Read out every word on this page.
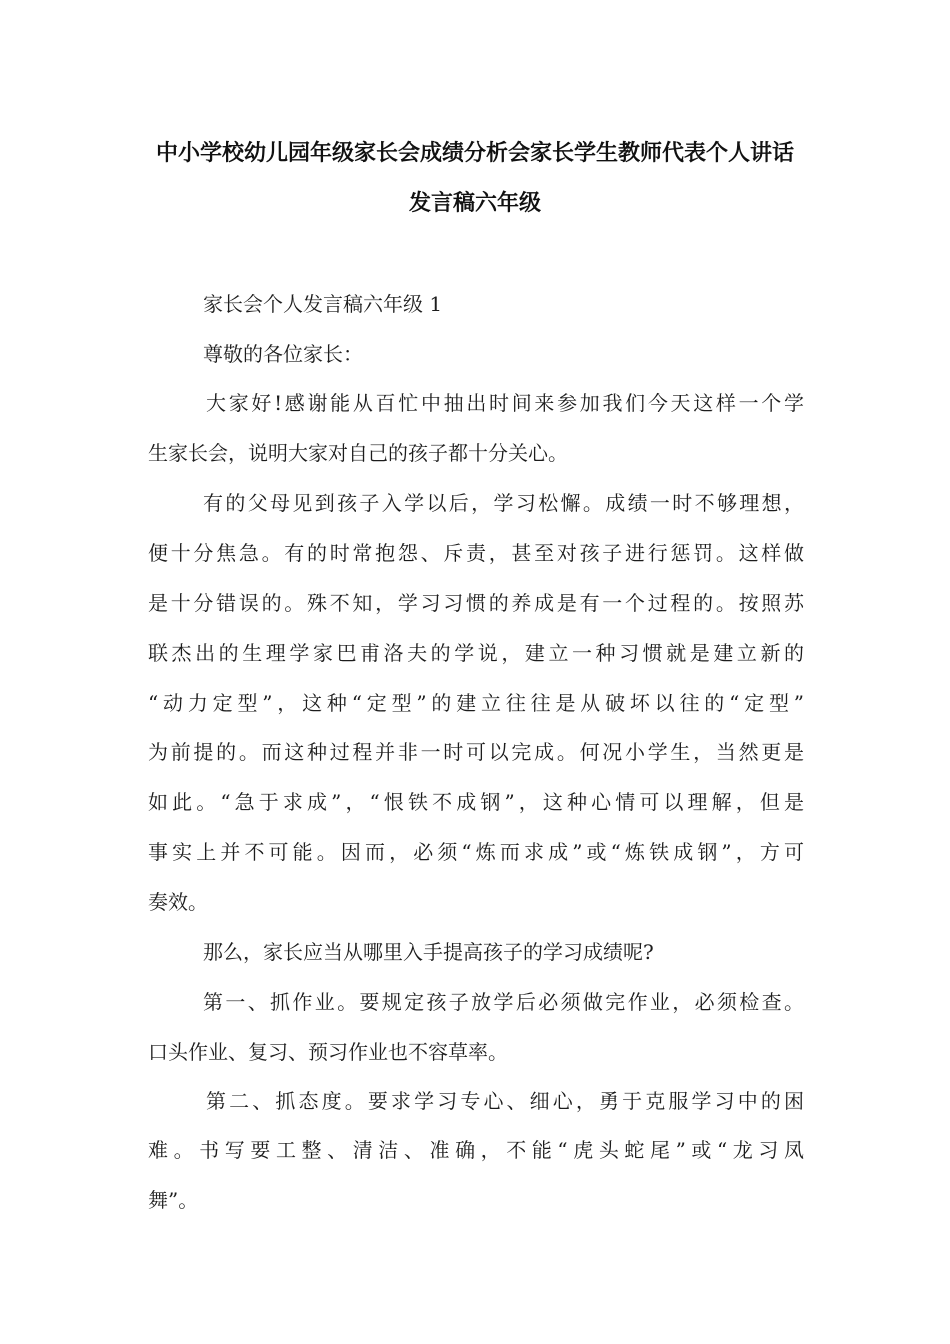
中小学校幼儿园年级家长会成绩分析会家长学生教师代表个人讲话
发言稿六年级
家长会个人发言稿六年级 1
尊敬的各位家长：
大家好!感谢能从百忙中抽出时间来参加我们今天这样一个学
生家长会，说明大家对自己的孩子都十分关心。
有的父母见到孩子入学以后，学习松懈。成绩一时不够理想，
便十分焦急。有的时常抱怨、斥责，甚至对孩子进行惩罚。这样做
是十分错误的。殊不知，学习习惯的养成是有一个过程的。按照苏
联杰出的生理学家巴甫洛夫的学说，建立一种习惯就是建立新的
“动力定型”，这种“定型”的建立往往是从破坏以往的“定型”
为前提的。而这种过程并非一时可以完成。何况小学生，当然更是
如此。“急于求成”，“恨铁不成钢”，这种心情可以理解，但是
事实上并不可能。因而，必须“炼而求成”或“炼铁成钢”，方可
奏效。
那么，家长应当从哪里入手提高孩子的学习成绩呢?
第一、抓作业。要规定孩子放学后必须做完作业，必须检查。
口头作业、复习、预习作业也不容草率。
第二、抓态度。要求学习专心、细心，勇于克服学习中的困
难。书写要工整、清洁、准确，不能“虎头蛇尾”或“龙习凤
舞”。
